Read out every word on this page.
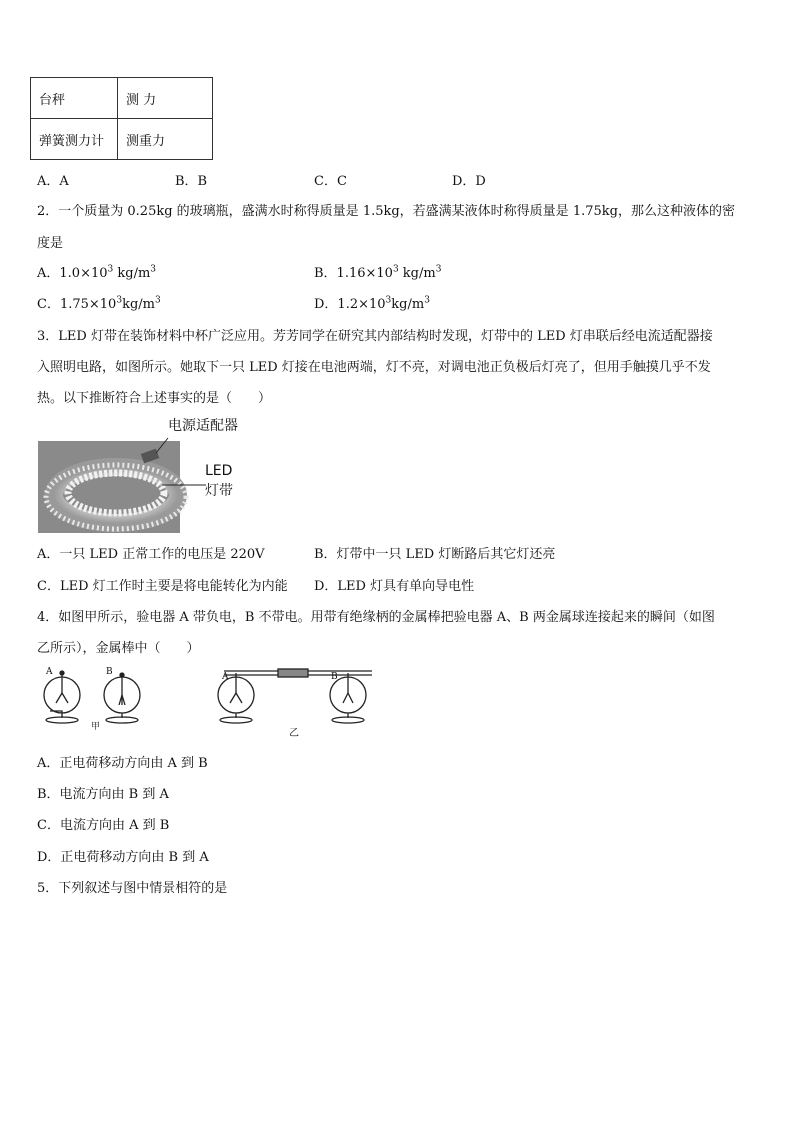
台秤	测 力
弹簧测力计	测重力
A．A	B．B	C．C	D．D
2．一个质量为 0.25kg 的玻璃瓶，盛满水时称得质量是 1.5kg，若盛满某液体时称得质量是 1.75kg，那么这种液体的密
度是
A．$1.0\times 10^3$ $kg/m^3$	B．$1.16\times 10^3$ $kg/m^3$
C．$1.75\times 10^3kg/m^3$	D．$1.2\times 10^3kg/m^3$
3．LED 灯带在装饰材料中杯广泛应用。芳芳同学在研究其内部结构时发现，灯带中的 LED 灯串联后经电流适配器接
入照明电路，如图所示。她取下一只 LED 灯接在电池两端，灯不亮，对调电池正负极后灯亮了，但用手触摸几乎不发
热。以下推断符合上述事实的是（　　）
电源适配器
LED
灯带
A．一只 LED 正常工作的电压是 220V	B．灯带中一只 LED 灯断路后其它灯还亮
C．LED 灯工作时主要是将电能转化为内能 D．LED 灯具有单向导电性
4．如图甲所示，验电器 A 带负电，B 不带电。用带有绝缘柄的金属棒把验电器 A、B 两金属球连接起来的瞬间（如图
乙所示），金属棒中（　　）
A	B	A	B
甲
乙
A．正电荷移动方向由 A 到 B
B．电流方向由 B 到 A
C．电流方向由 A 到 B
D．正电荷移动方向由 B 到 A
5．下列叙述与图中情景相符的是
